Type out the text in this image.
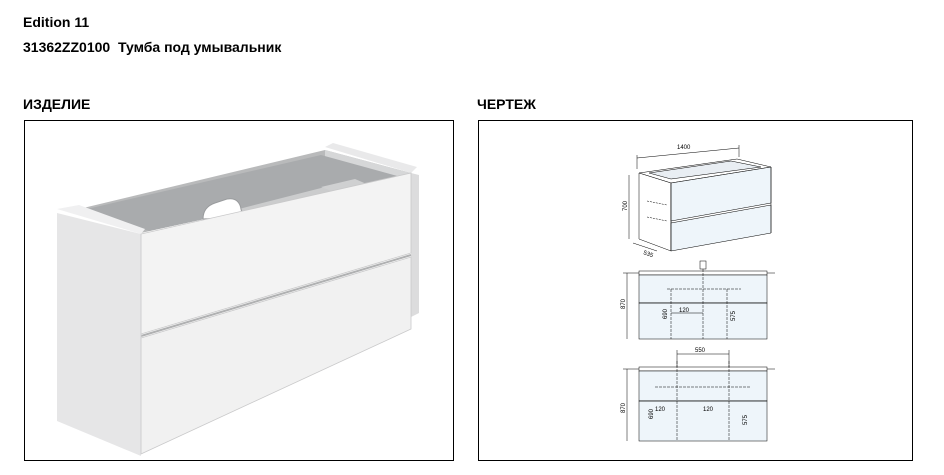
Edition 11
31362ZZ0100  Тумба под умывальник
ИЗДЕЛИЕ	ЧЕРТЕЖ
1400
700
535
870
690 120	575
550
870
690 120	120
575
